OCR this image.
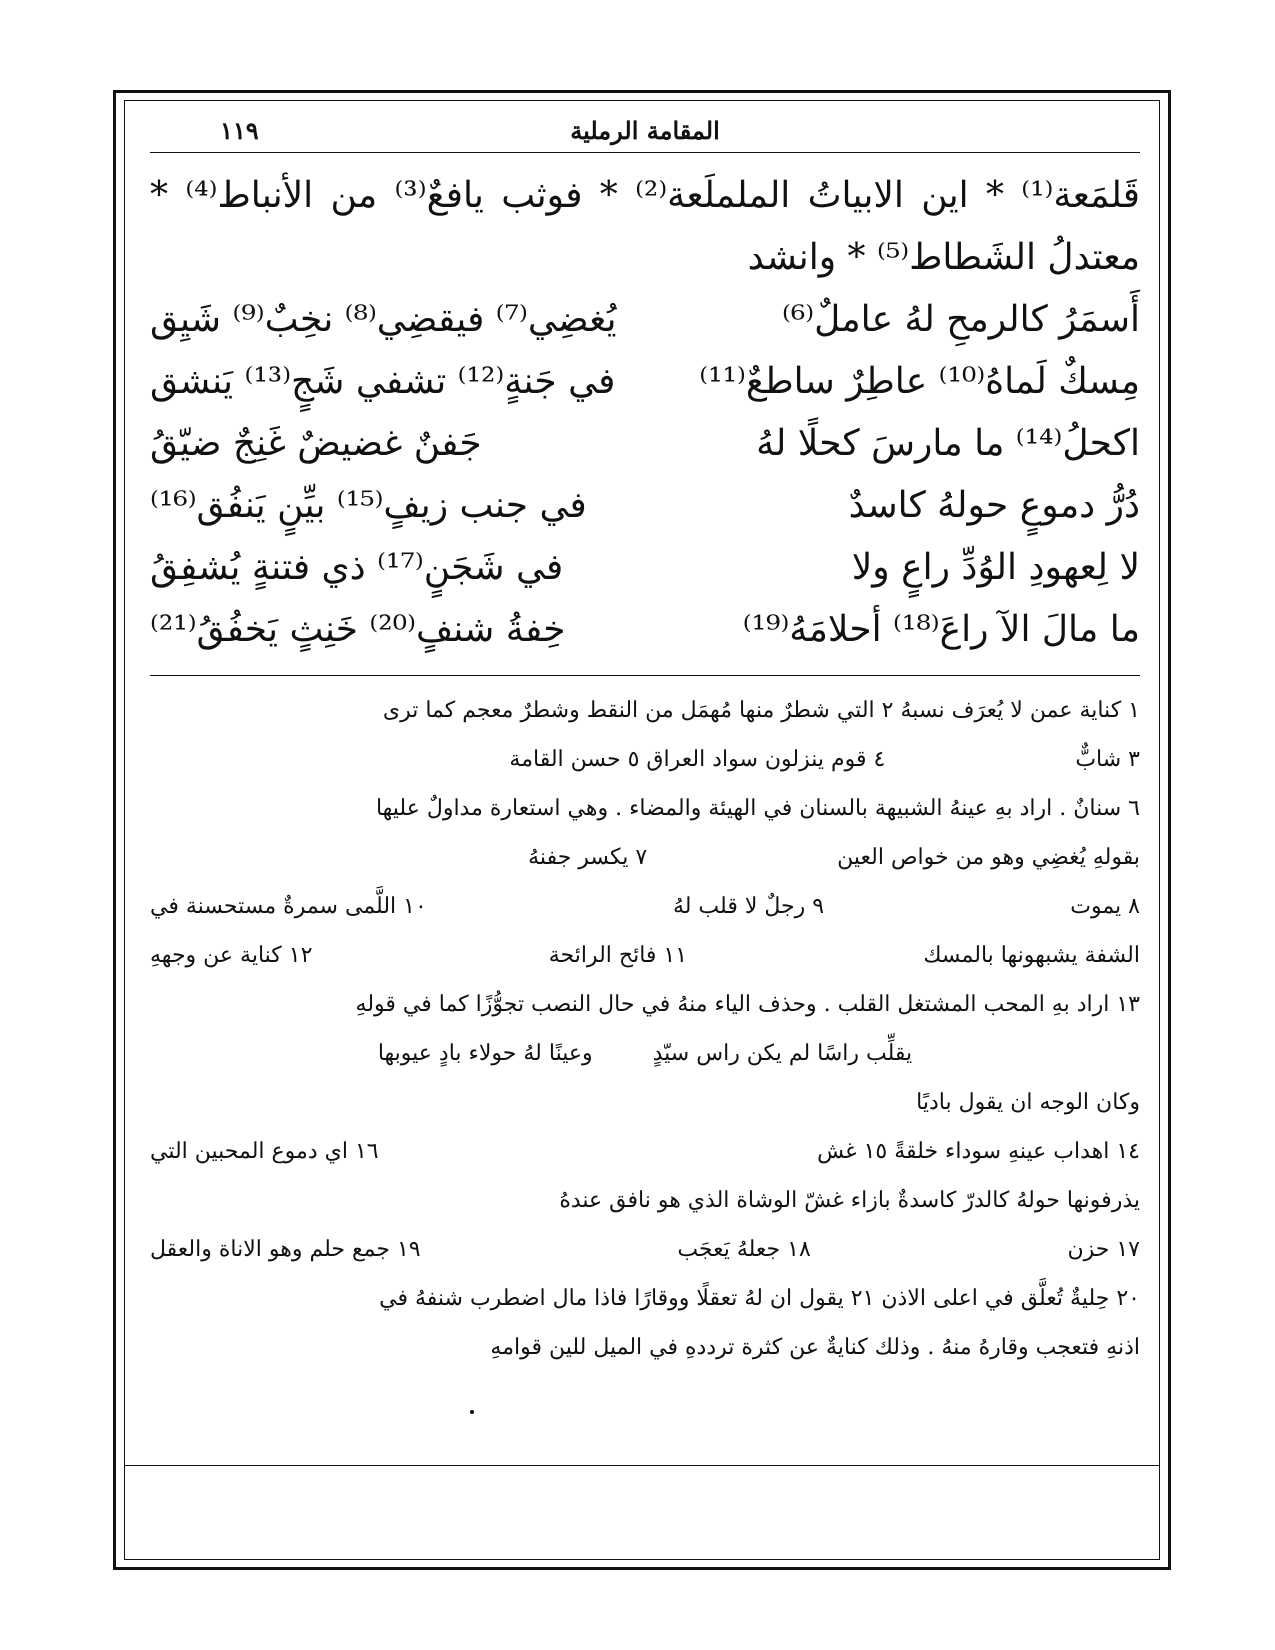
المقامة الرملية
١١٩
قَلمَعة⁽¹⁾ * اين الابياتُ الململَعة⁽²⁾ * فوثب يافعٌ⁽³⁾ من الأنباط⁽⁴⁾ * معتدلُ الشَطاط⁽⁵⁾ * وانشد
أَسمَرُ كالرمحِ لهُ عاملٌ⁽⁶⁾
يُغضِي⁽⁷⁾ فيقضِي⁽⁸⁾ نخِبٌ⁽⁹⁾ شَيِق
مِسكٌ لَماهُ⁽¹⁰⁾ عاطِرٌ ساطعٌ⁽¹¹⁾
في جَنةٍ⁽¹²⁾ تشفي شَجٍ⁽¹³⁾ يَنشق
اكحلُ⁽¹⁴⁾ ما مارسَ كحلًا لهُ
جَفنٌ غضيضٌ غَنِجٌ ضيّقُ
دُرُّ دموعٍ حولهُ كاسدٌ
في جنب زيفٍ⁽¹⁵⁾ بيِّنٍ يَنفُق⁽¹⁶⁾
لا لِعهودِ الوُدِّ راعٍ ولا
في شَجَنٍ⁽¹⁷⁾ ذي فتنةٍ يُشفِقُ
ما مالَ الآ راعَ⁽¹⁸⁾ أحلامَهُ⁽¹⁹⁾
خِفةُ شنفٍ⁽²⁰⁾ خَنِثٍ يَخفُقُ⁽²¹⁾
١ كناية عمن لا يُعرَف نسبهُ ٢ التي شطرٌ منها مُهمَل من النقط وشطرٌ معجم كما ترى
٣ شابٌّ
٤ قوم ينزلون سواد العراق ٥ حسن القامة
٦ سنانٌ . اراد بهِ عينهُ الشبيهة بالسنان في الهيئة والمضاء . وهي استعارة مداولٌ عليها
بقولهِ يُغضِي وهو من خواص العين
٧ يكسر جفنهُ
٨ يموت
٩ رجلٌ لا قلب لهُ
١٠ اللَّمى سمرةٌ مستحسنة في
الشفة يشبهونها بالمسك
١١ فائح الرائحة
١٢ كناية عن وجههِ
١٣ اراد بهِ المحب المشتغل القلب . وحذف الياء منهُ في حال النصب تجوُّزًا كما في قولهِ
يقلِّب راسًا لم يكن راس سيّدٍ
وعينًا لهُ حولاء بادٍ عيوبها
وكان الوجه ان يقول باديًا
١٤ اهداب عينهِ سوداء خلقةً ١٥ غش
١٦ اي دموع المحبين التي
يذرفونها حولهُ كالدرّ كاسدةٌ بازاء غشّ الوشاة الذي هو نافق عندهُ
١٧ حزن
١٨ جعلهُ يَعجَب
١٩ جمع حلم وهو الاناة والعقل
٢٠ حِليةٌ تُعلَّق في اعلى الاذن ٢١ يقول ان لهُ تعقلًا ووقارًا فاذا مال اضطرب شنفهُ في
اذنهِ فتعجب وقارهُ منهُ . وذلك كنايةٌ عن كثرة ترددهِ في الميل للين قوامهِ
